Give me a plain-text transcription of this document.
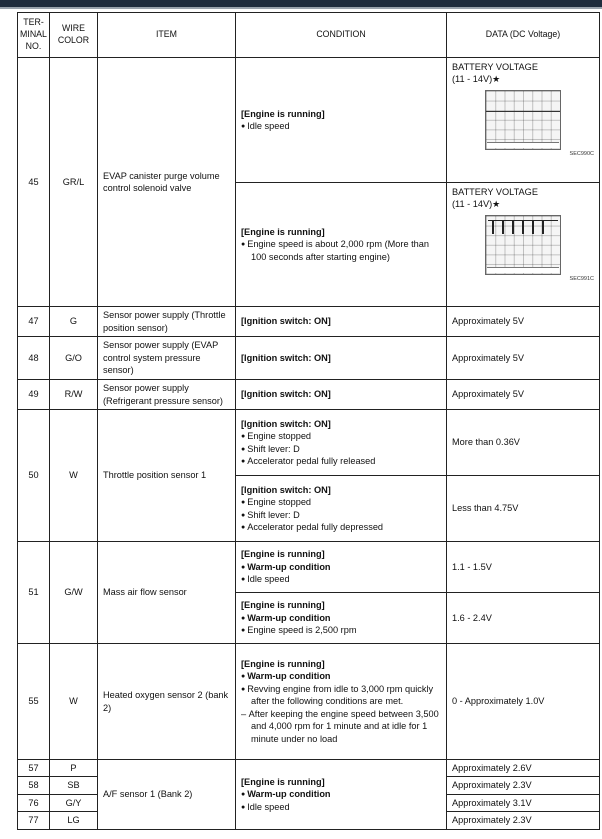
TER-MINAL NO.	WIRE COLOR	ITEM	CONDITION	DATA (DC Voltage)
45	GR/L	EVAP canister purge volume control solenoid valve	[Engine is running]
● Idle speed	BATTERY VOLTAGE
(11 - 14V)★
SEC990C

			[Engine is running]
● Engine speed is about 2,000 rpm (More than 100 seconds after starting engine)	BATTERY VOLTAGE
(11 - 14V)★
SEC991C

47	G	Sensor power supply (Throttle position sensor)	[Ignition switch: ON]	Approximately 5V
48	G/O	Sensor power supply (EVAP control system pressure sensor)	[Ignition switch: ON]	Approximately 5V
49	R/W	Sensor power supply (Refrigerant pressure sensor)	[Ignition switch: ON]	Approximately 5V
50	W	Throttle position sensor 1	[Ignition switch: ON]
● Engine stopped
● Shift lever: D
● Accelerator pedal fully released	More than 0.36V

			[Ignition switch: ON]
● Engine stopped
● Shift lever: D
● Accelerator pedal fully depressed	Less than 4.75V
51	G/W	Mass air flow sensor	[Engine is running]
● Warm-up condition
● Idle speed	1.1 - 1.5V

			[Engine is running]
● Warm-up condition
● Engine speed is 2,500 rpm	1.6 - 2.4V
55	W	Heated oxygen sensor 2 (bank 2)	[Engine is running]
● Warm-up condition
● Revving engine from idle to 3,000 rpm quickly after the following conditions are met.
– After keeping the engine speed between 3,500 and 4,000 rpm for 1 minute and at idle for 1 minute under no load	0 - Approximately 1.0V
57	P	A/F sensor 1 (Bank 2)	[Engine is running]
● Warm-up condition
● Idle speed	Approximately 2.6V
58	SB			Approximately 2.3V
76	G/Y			Approximately 3.1V
77	LG			Approximately 2.3V
